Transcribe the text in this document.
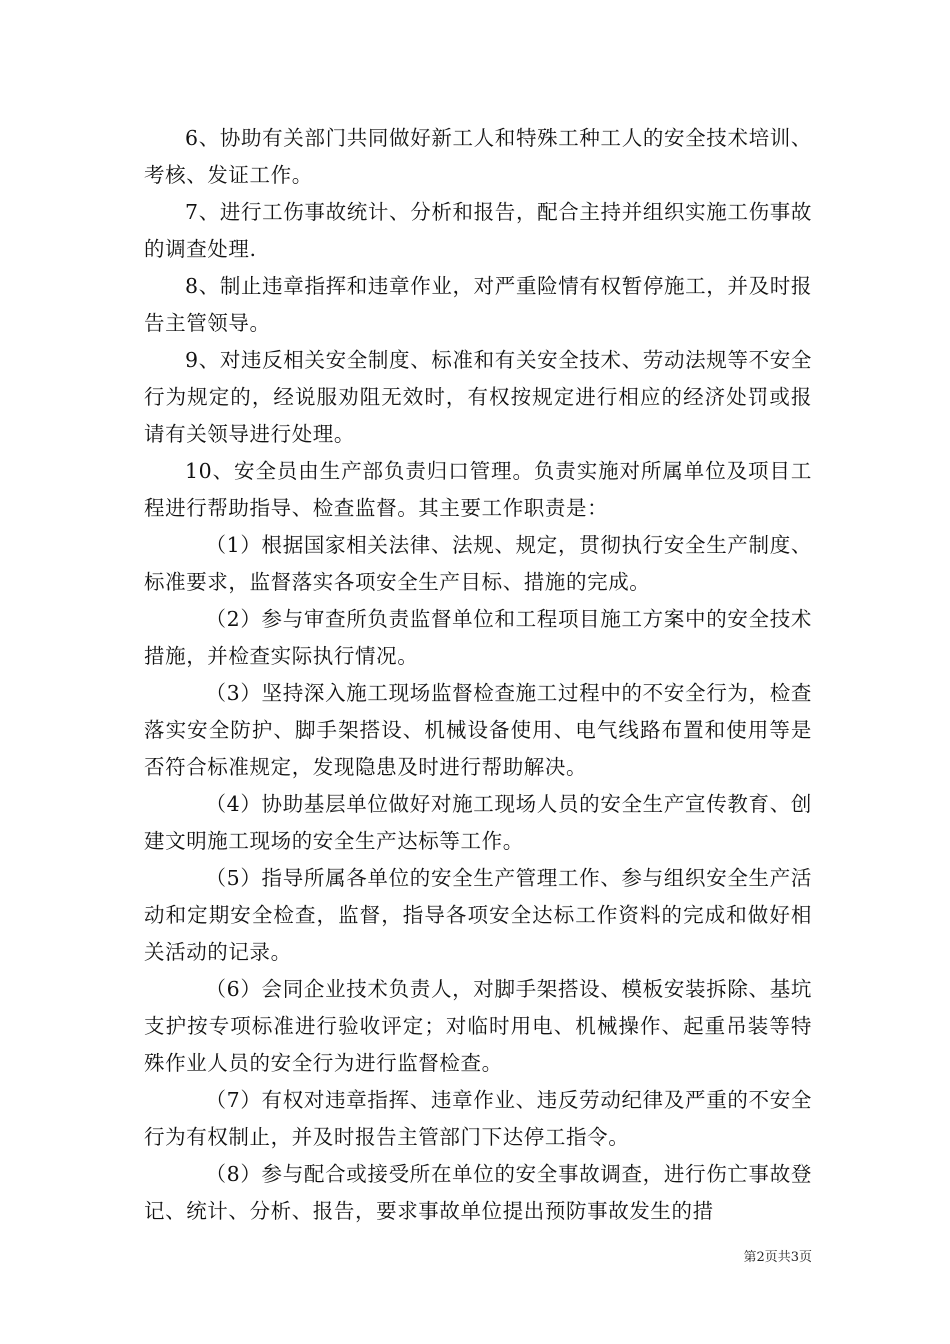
6、协助有关部门共同做好新工人和特殊工种工人的安全技术培训、考核、发证工作。

7、进行工伤事故统计、分析和报告，配合主持并组织实施工伤事故的调查处理.

8、制止违章指挥和违章作业，对严重险情有权暂停施工，并及时报告主管领导。

9、对违反相关安全制度、标准和有关安全技术、劳动法规等不安全行为规定的，经说服劝阻无效时，有权按规定进行相应的经济处罚或报请有关领导进行处理。

10、安全员由生产部负责归口管理。负责实施对所属单位及项目工程进行帮助指导、检查监督。其主要工作职责是：

（1）根据国家相关法律、法规、规定，贯彻执行安全生产制度、标准要求，监督落实各项安全生产目标、措施的完成。

（2）参与审查所负责监督单位和工程项目施工方案中的安全技术措施，并检查实际执行情况。

（3）坚持深入施工现场监督检查施工过程中的不安全行为，检查落实安全防护、脚手架搭设、机械设备使用、电气线路布置和使用等是否符合标准规定，发现隐患及时进行帮助解决。

（4）协助基层单位做好对施工现场人员的安全生产宣传教育、创建文明施工现场的安全生产达标等工作。

（5）指导所属各单位的安全生产管理工作、参与组织安全生产活动和定期安全检查，监督，指导各项安全达标工作资料的完成和做好相关活动的记录。

（6）会同企业技术负责人，对脚手架搭设、模板安装拆除、基坑支护按专项标准进行验收评定；对临时用电、机械操作、起重吊装等特殊作业人员的安全行为进行监督检查。

（7）有权对违章指挥、违章作业、违反劳动纪律及严重的不安全行为有权制止，并及时报告主管部门下达停工指令。

（8）参与配合或接受所在单位的安全事故调查，进行伤亡事故登记、统计、分析、报告，要求事故单位提出预防事故发生的措

第2页共3页
